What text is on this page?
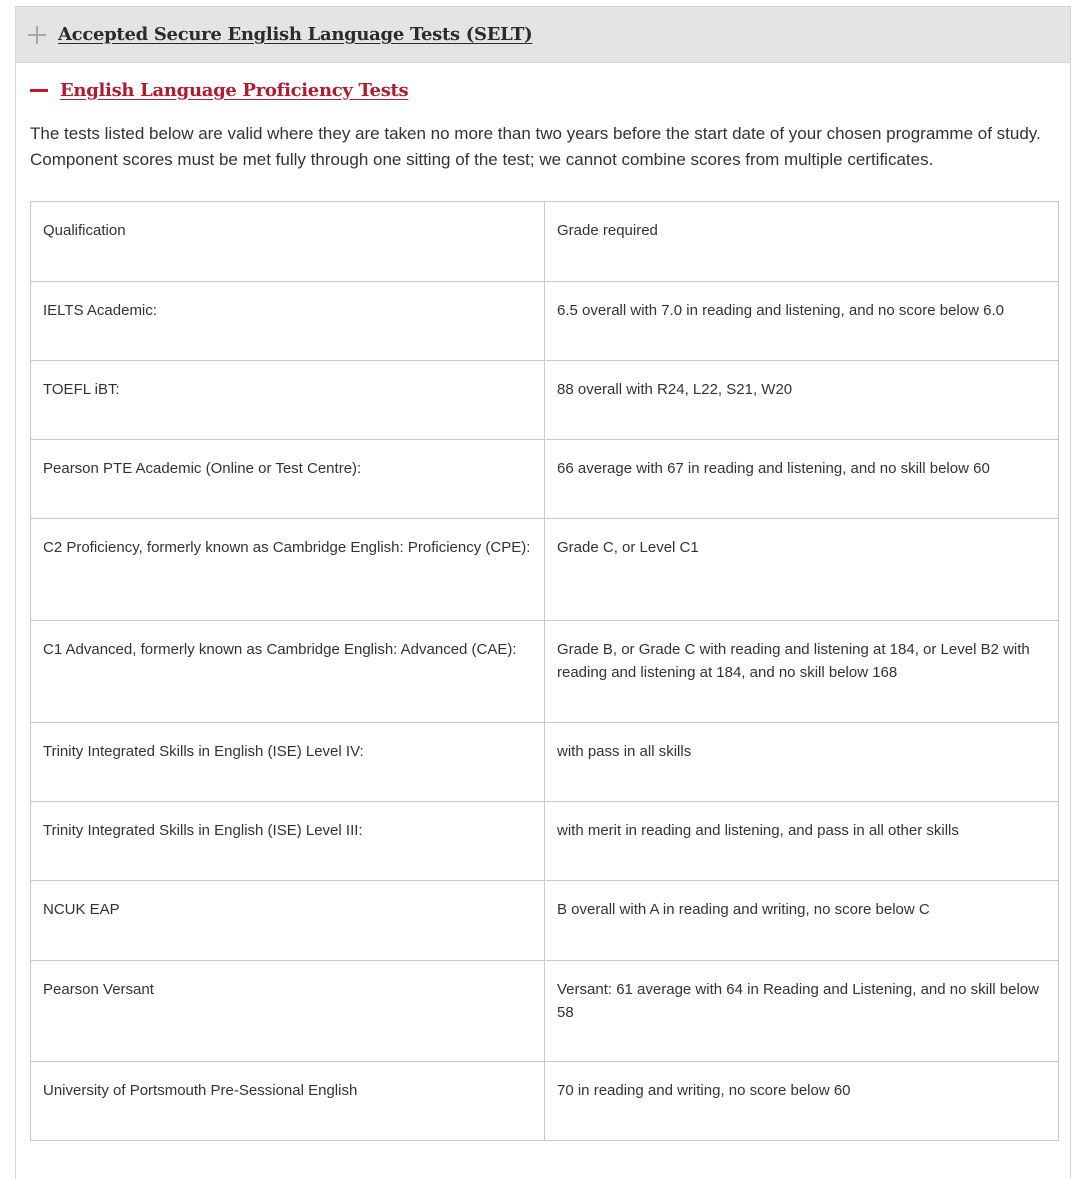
Accepted Secure English Language Tests (SELT)
English Language Proficiency Tests

The tests listed below are valid where they are taken no more than two years before the start date of your chosen programme of study. Component scores must be met fully through one sitting of the test; we cannot combine scores from multiple certificates.

Qualification	Grade required
IELTS Academic:	6.5 overall with 7.0 in reading and listening, and no score below 6.0
TOEFL iBT:	88 overall with R24, L22, S21, W20
Pearson PTE Academic (Online or Test Centre):	66 average with 67 in reading and listening, and no skill below 60
C2 Proficiency, formerly known as Cambridge English: Proficiency (CPE):	Grade C, or Level C1
C1 Advanced, formerly known as Cambridge English: Advanced (CAE):	Grade B, or Grade C with reading and listening at 184, or Level B2 with reading and listening at 184, and no skill below 168
Trinity Integrated Skills in English (ISE) Level IV:	with pass in all skills
Trinity Integrated Skills in English (ISE) Level III:	with merit in reading and listening, and pass in all other skills
NCUK EAP	B overall with A in reading and writing, no score below C
Pearson Versant	Versant: 61 average with 64 in Reading and Listening, and no skill below 58
University of Portsmouth Pre-Sessional English	70 in reading and writing, no score below 60
